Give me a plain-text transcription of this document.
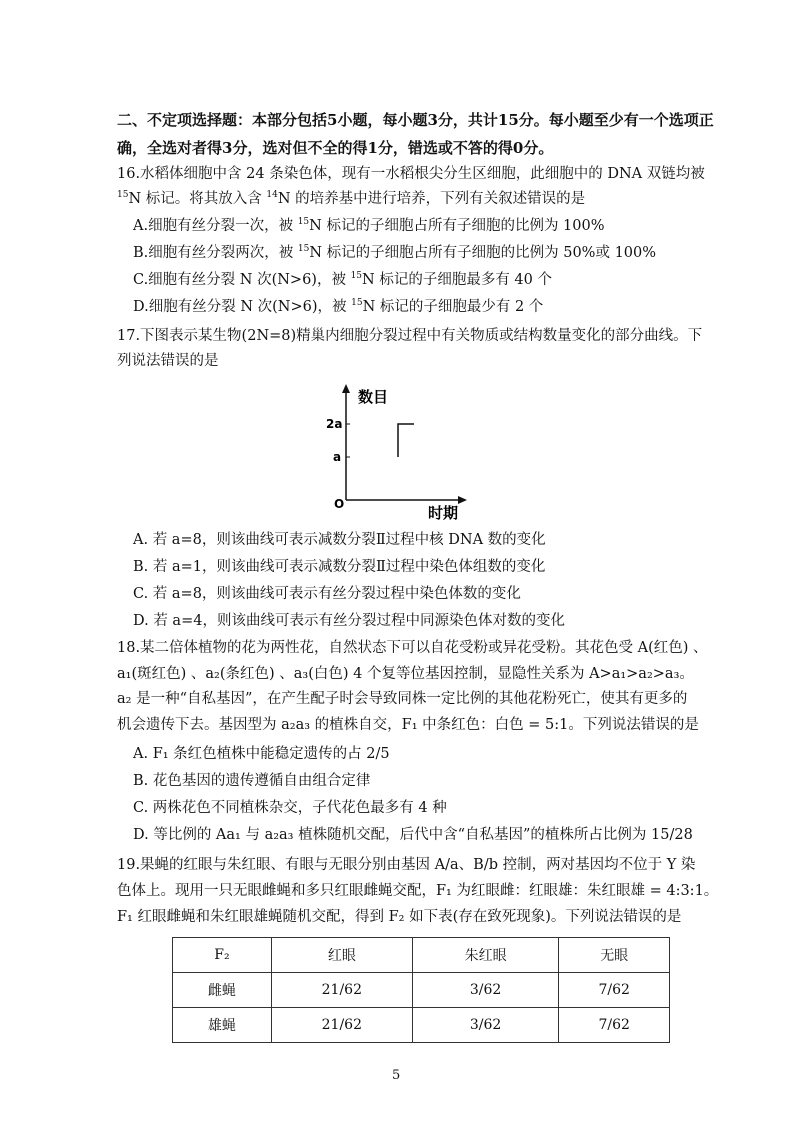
二、不定项选择题：本部分包括5小题，每小题3分，共计15分。每小题至少有一个选项正
确，全选对者得3分，选对但不全的得1分，错选或不答的得0分。
16.水稻体细胞中含 24 条染色体，现有一水稻根尖分生区细胞，此细胞中的 DNA 双链均被
$^{15}$N 标记。将其放入含 $^{14}$N 的培养基中进行培养，下列有关叙述错误的是
A.细胞有丝分裂一次，被 $^{15}$N 标记的子细胞占所有子细胞的比例为 100%
B.细胞有丝分裂两次，被 $^{15}$N 标记的子细胞占所有子细胞的比例为 50%或 100%
C.细胞有丝分裂 N 次(N>6)，被 $^{15}$N 标记的子细胞最多有 40 个
D.细胞有丝分裂 N 次(N>6)，被 $^{15}$N 标记的子细胞最少有 2 个
17.下图表示某生物(2N=8)精巢内细胞分裂过程中有关物质或结构数量变化的部分曲线。下
列说法错误的是
数目
时期
O
2a
a
A. 若 a=8，则该曲线可表示减数分裂Ⅱ过程中核 DNA 数的变化
B. 若 a=1，则该曲线可表示减数分裂Ⅱ过程中染色体组数的变化
C. 若 a=8，则该曲线可表示有丝分裂过程中染色体数的变化
D. 若 a=4，则该曲线可表示有丝分裂过程中同源染色体对数的变化
18.某二倍体植物的花为两性花，自然状态下可以自花受粉或异花受粉。其花色受 A(红色) 、
a₁(斑红色) 、a₂(条红色) 、a₃(白色) 4 个复等位基因控制，显隐性关系为 A>a₁>a₂>a₃。
a₂ 是一种“自私基因”，在产生配子时会导致同株一定比例的其他花粉死亡，使其有更多的
机会遗传下去。基因型为 a₂a₃ 的植株自交，F₁ 中条红色：白色 = 5:1。下列说法错误的是
A. F₁ 条红色植株中能稳定遗传的占 2/5
B. 花色基因的遗传遵循自由组合定律
C. 两株花色不同植株杂交，子代花色最多有 4 种
D. 等比例的 Aa₁ 与 a₂a₃ 植株随机交配，后代中含“自私基因”的植株所占比例为 15/28
19.果蝇的红眼与朱红眼、有眼与无眼分别由基因 A/a、B/b 控制，两对基因均不位于 Y 染
色体上。现用一只无眼雌蝇和多只红眼雌蝇交配，F₁ 为红眼雌：红眼雄：朱红眼雄 = 4:3:1。
F₁ 红眼雌蝇和朱红眼雄蝇随机交配，得到 F₂ 如下表(存在致死现象)。下列说法错误的是
F₂	红眼	朱红眼	无眼
雌蝇	21/62	3/62	7/62
雄蝇	21/62	3/62	7/62
5
